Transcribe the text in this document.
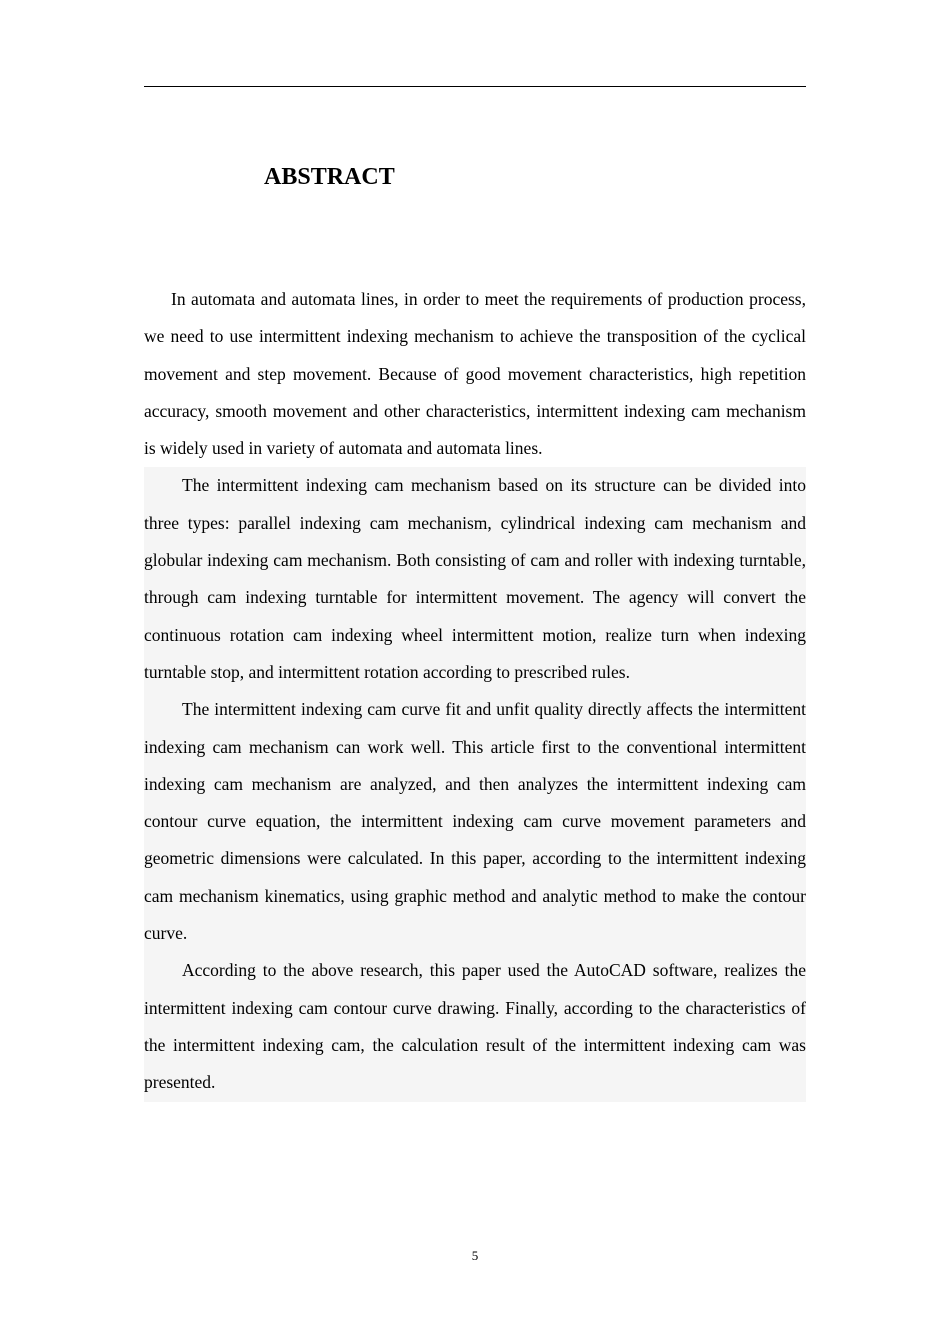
ABSTRACT

In automata and automata lines, in order to meet the requirements of production process, we need to use intermittent indexing mechanism to achieve the transposition of the cyclical movement and step movement. Because of good movement characteristics, high repetition accuracy, smooth movement and other characteristics, intermittent indexing cam mechanism is widely used in variety of automata and automata lines.

The intermittent indexing cam mechanism based on its structure can be divided into three types: parallel indexing cam mechanism, cylindrical indexing cam mechanism and globular indexing cam mechanism. Both consisting of cam and roller with indexing turntable, through cam indexing turntable for intermittent movement. The agency will convert the continuous rotation cam indexing wheel intermittent motion, realize turn when indexing turntable stop, and intermittent rotation according to prescribed rules.

The intermittent indexing cam curve fit and unfit quality directly affects the intermittent indexing cam mechanism can work well. This article first to the conventional intermittent indexing cam mechanism are analyzed, and then analyzes the intermittent indexing cam contour curve equation, the intermittent indexing cam curve movement parameters and geometric dimensions were calculated. In this paper, according to the intermittent indexing cam mechanism kinematics, using graphic method and analytic method to make the contour curve.

According to the above research, this paper used the AutoCAD software, realizes the intermittent indexing cam contour curve drawing. Finally, according to the characteristics of the intermittent indexing cam, the calculation result of the intermittent indexing cam was presented.

5
